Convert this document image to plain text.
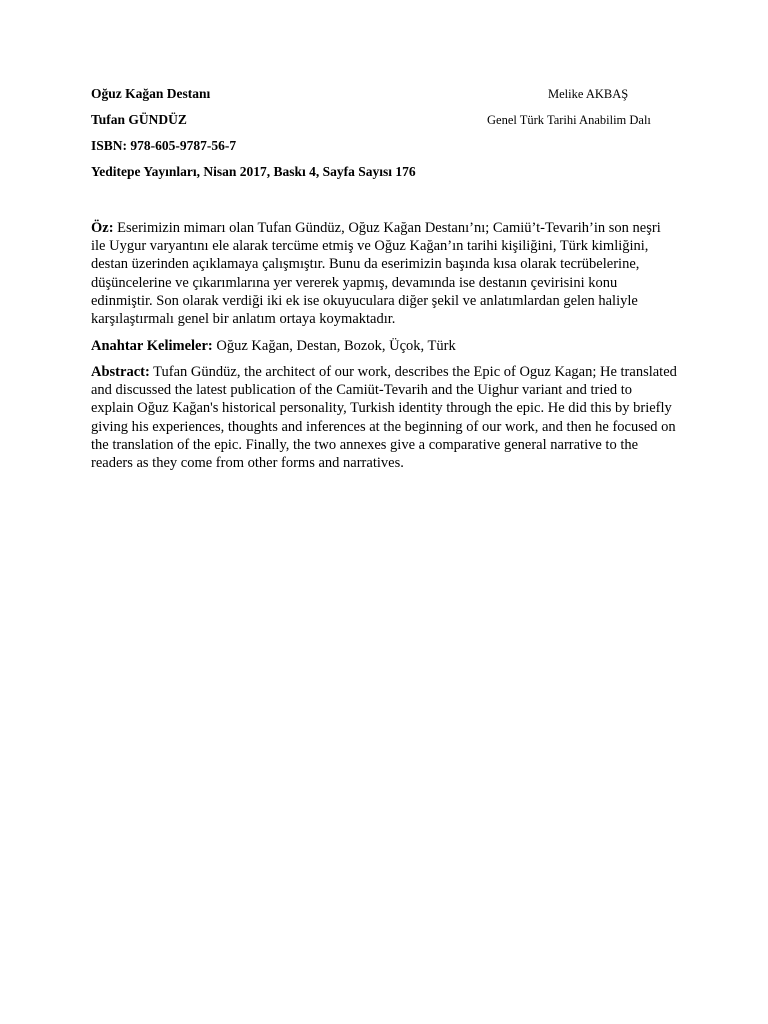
Oğuz Kağan Destanı
Tufan GÜNDÜZ
ISBN: 978-605-9787-56-7
Yeditepe Yayınları, Nisan 2017, Baskı 4, Sayfa Sayısı 176
Melike AKBAŞ
Genel Türk Tarihi Anabilim Dalı

Öz: Eserimizin mimarı olan Tufan Gündüz, Oğuz Kağan Destanı’nı; Camiü’t-Tevarih’in son neşri ile Uygur varyantını ele alarak tercüme etmiş ve Oğuz Kağan’ın tarihi kişiliğini, Türk kimliğini, destan üzerinden açıklamaya çalışmıştır. Bunu da eserimizin başında kısa olarak tecrübelerine, düşüncelerine ve çıkarımlarına yer vererek yapmış, devamında ise destanın çevirisini konu edinmiştir. Son olarak verdiği iki ek ise okuyuculara diğer şekil ve anlatımlardan gelen haliyle karşılaştırmalı genel bir anlatım ortaya koymaktadır.

Anahtar Kelimeler: Oğuz Kağan, Destan, Bozok, Üçok, Türk

Abstract: Tufan Gündüz, the architect of our work, describes the Epic of Oguz Kagan; He translated and discussed the latest publication of the Camiüt-Tevarih and the Uighur variant and tried to explain Oğuz Kağan's historical personality, Turkish identity through the epic. He did this by briefly giving his experiences, thoughts and inferences at the beginning of our work, and then he focused on the translation of the epic. Finally, the two annexes give a comparative general narrative to the readers as they come from other forms and narratives.
